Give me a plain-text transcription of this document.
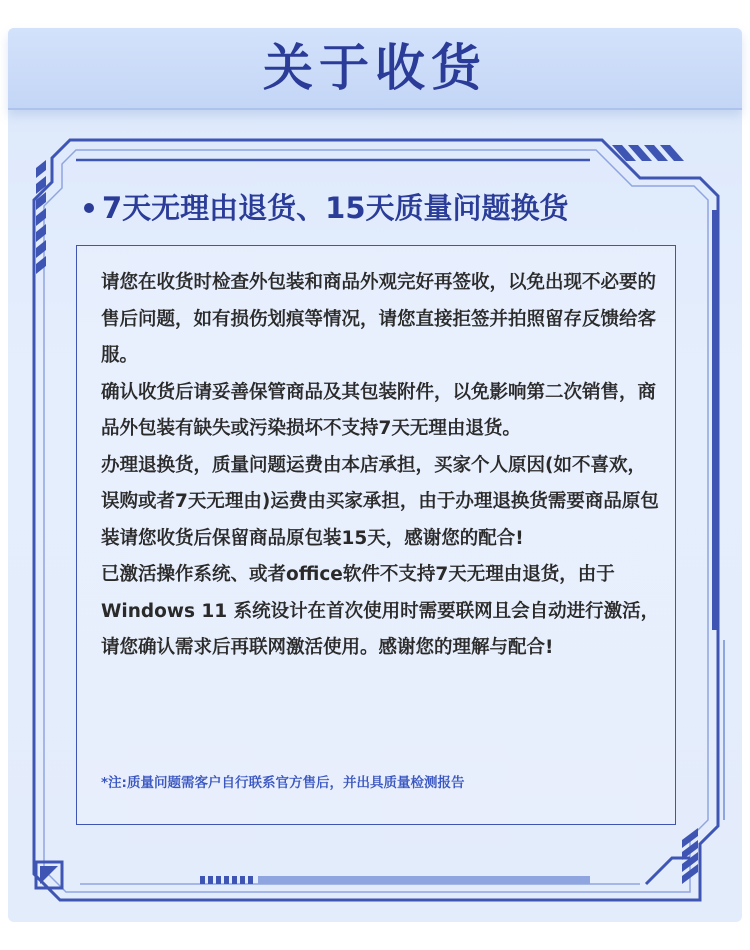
关于收货
7天无理由退货、15天质量问题换货

请您在收货时检查外包装和商品外观完好再签收，以免出现不必要的售后问题，如有损伤划痕等情况，请您直接拒签并拍照留存反馈给客服。

确认收货后请妥善保管商品及其包装附件，以免影响第二次销售，商品外包装有缺失或污染损坏不支持7天无理由退货。

办理退换货，质量问题运费由本店承担，买家个人原因(如不喜欢，误购或者7天无理由)运费由买家承担，由于办理退换货需要商品原包装请您收货后保留商品原包装15天，感谢您的配合!

已激活操作系统、或者office软件不支持7天无理由退货，由于Windows 11 系统设计在首次使用时需要联网且会自动进行激活，请您确认需求后再联网激活使用。感谢您的理解与配合!

*注:质量问题需客户自行联系官方售后，并出具质量检测报告
